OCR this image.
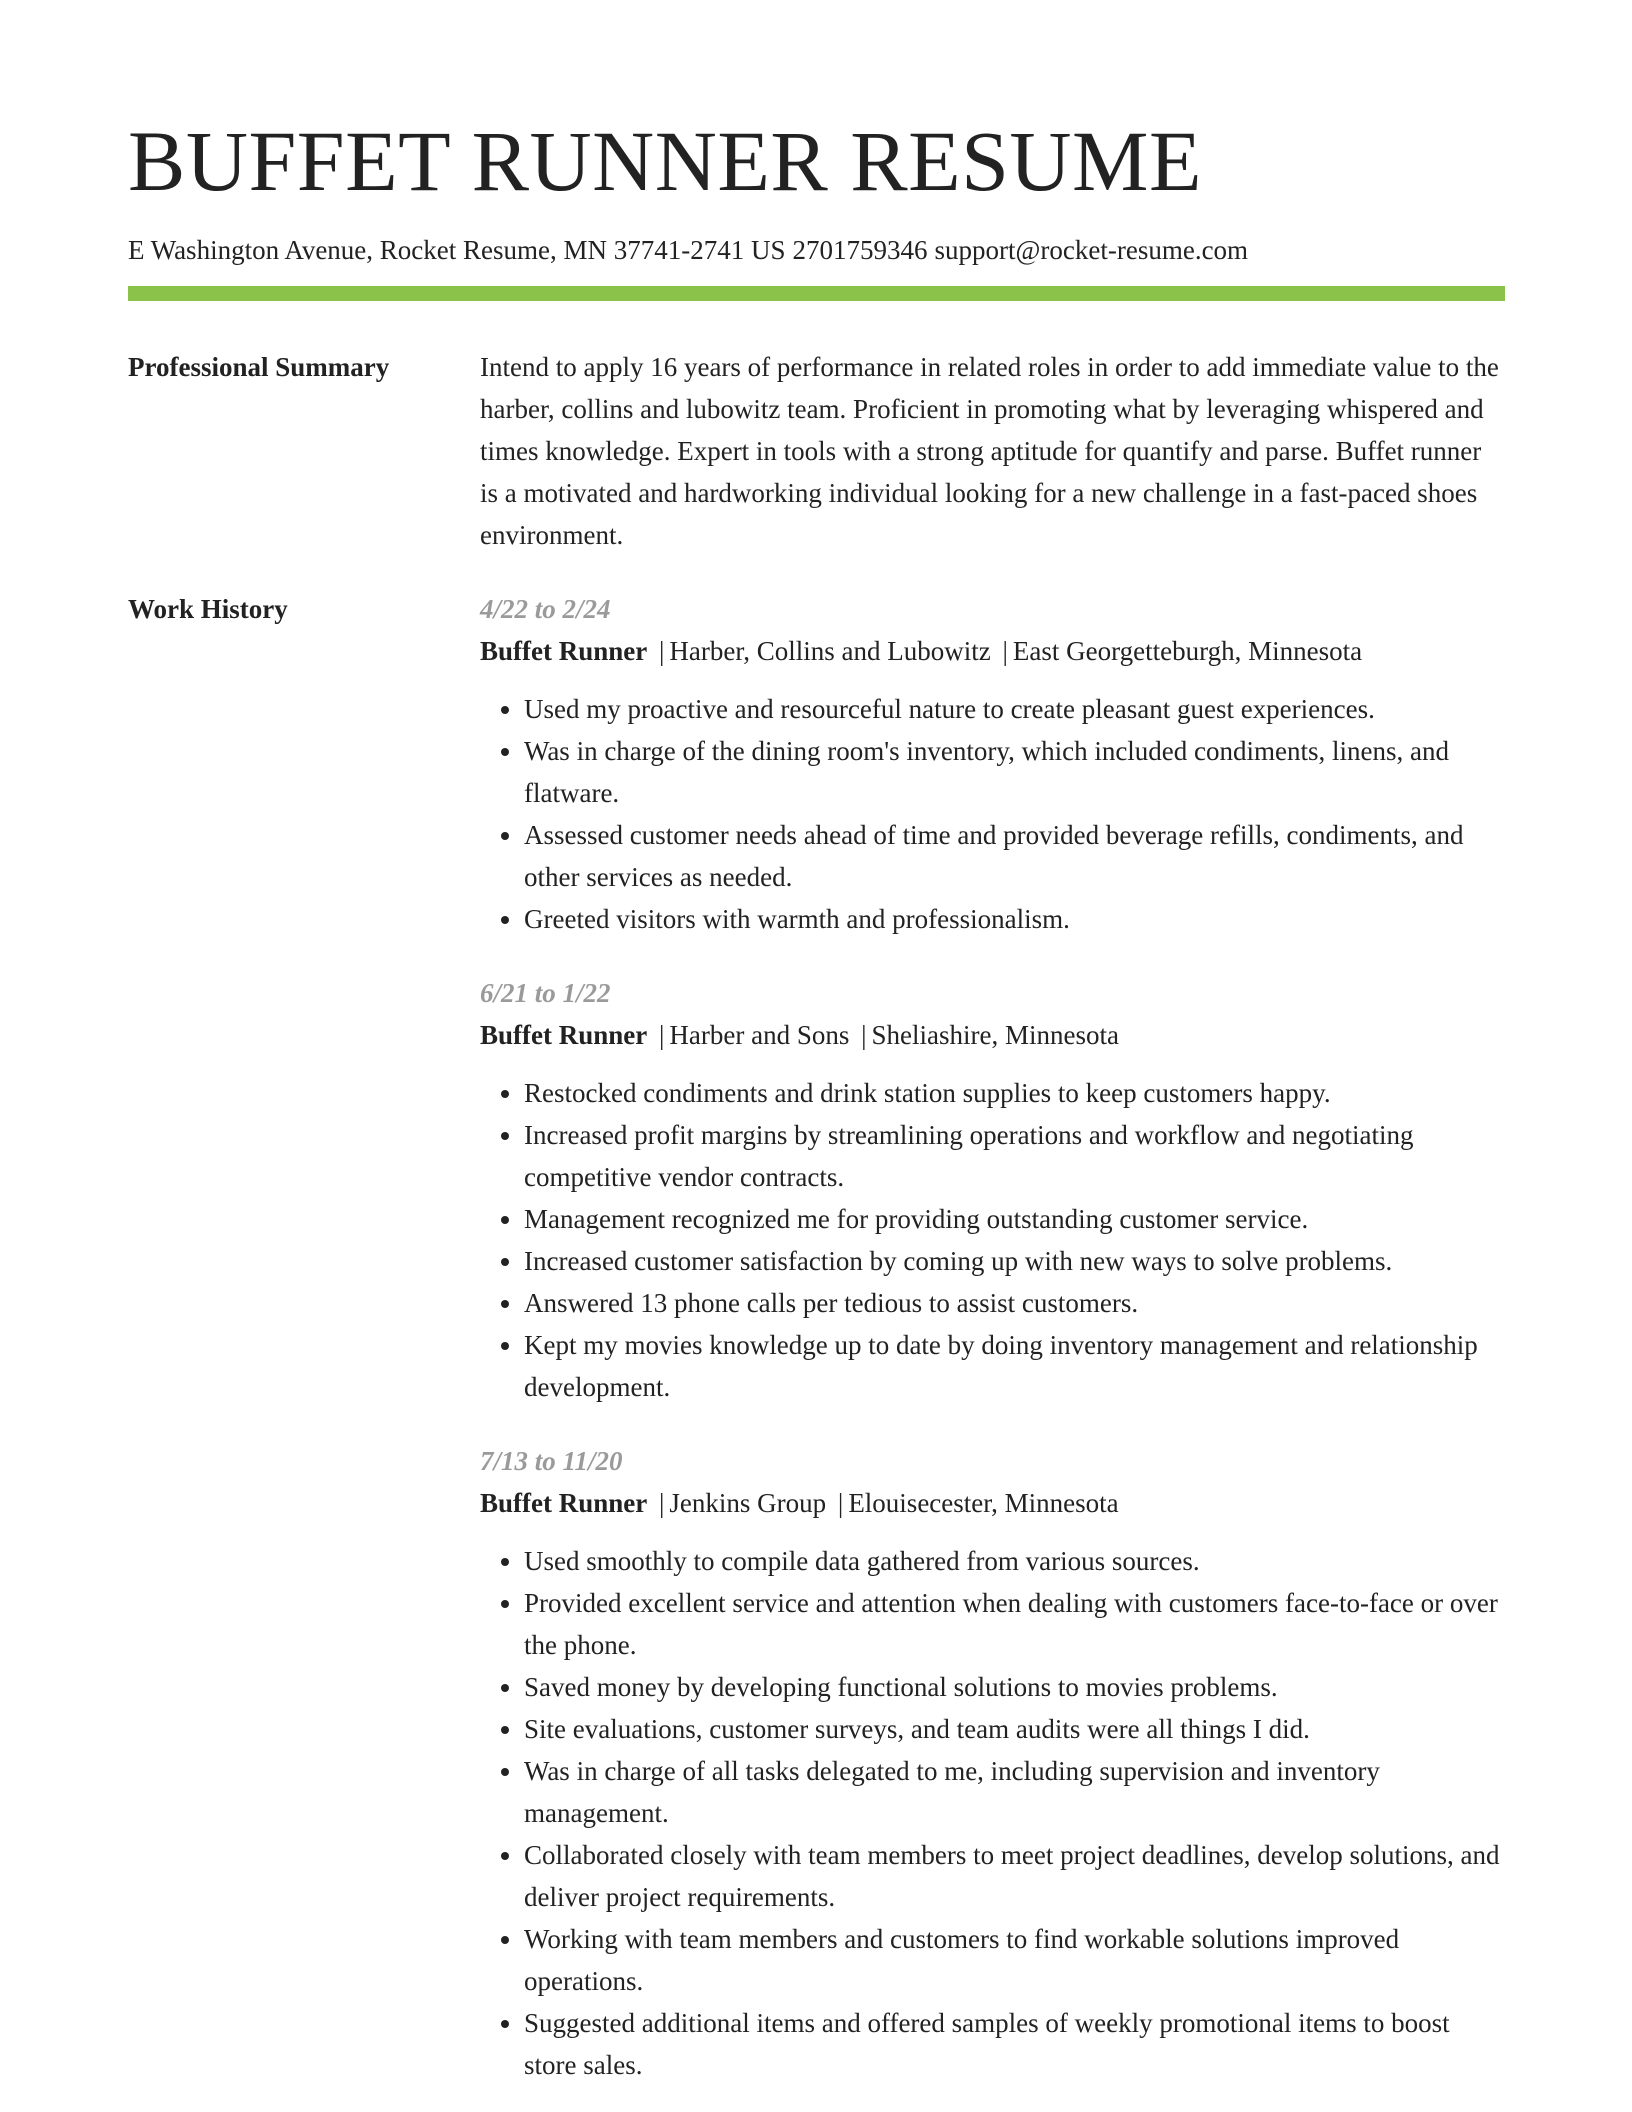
BUFFET RUNNER RESUME
E Washington Avenue, Rocket Resume, MN 37741-2741 US 2701759346 support@rocket-resume.com
Professional Summary	Intend to apply 16 years of performance in related roles in order to add immediate value to the harber, collins and lubowitz team. Proficient in promoting what by leveraging whispered and times knowledge. Expert in tools with a strong aptitude for quantify and parse. Buffet runner is a motivated and hardworking individual looking for a new challenge in a fast-paced shoes environment.

Work History	4/22 to 2/24
Buffet Runner | Harber, Collins and Lubowitz | East Georgetteburgh, Minnesota
• Used my proactive and resourceful nature to create pleasant guest experiences.
• Was in charge of the dining room's inventory, which included condiments, linens, and flatware.
• Assessed customer needs ahead of time and provided beverage refills, condiments, and other services as needed.
• Greeted visitors with warmth and professionalism.
6/21 to 1/22
Buffet Runner | Harber and Sons | Sheliashire, Minnesota
• Restocked condiments and drink station supplies to keep customers happy.
• Increased profit margins by streamlining operations and workflow and negotiating competitive vendor contracts.
• Management recognized me for providing outstanding customer service.
• Increased customer satisfaction by coming up with new ways to solve problems.
• Answered 13 phone calls per tedious to assist customers.
• Kept my movies knowledge up to date by doing inventory management and relationship development.
7/13 to 11/20
Buffet Runner | Jenkins Group | Elouisecester, Minnesota
• Used smoothly to compile data gathered from various sources.
• Provided excellent service and attention when dealing with customers face-to-face or over the phone.
• Saved money by developing functional solutions to movies problems.
• Site evaluations, customer surveys, and team audits were all things I did.
• Was in charge of all tasks delegated to me, including supervision and inventory management.
• Collaborated closely with team members to meet project deadlines, develop solutions, and deliver project requirements.
• Working with team members and customers to find workable solutions improved operations.
• Suggested additional items and offered samples of weekly promotional items to boost store sales.
